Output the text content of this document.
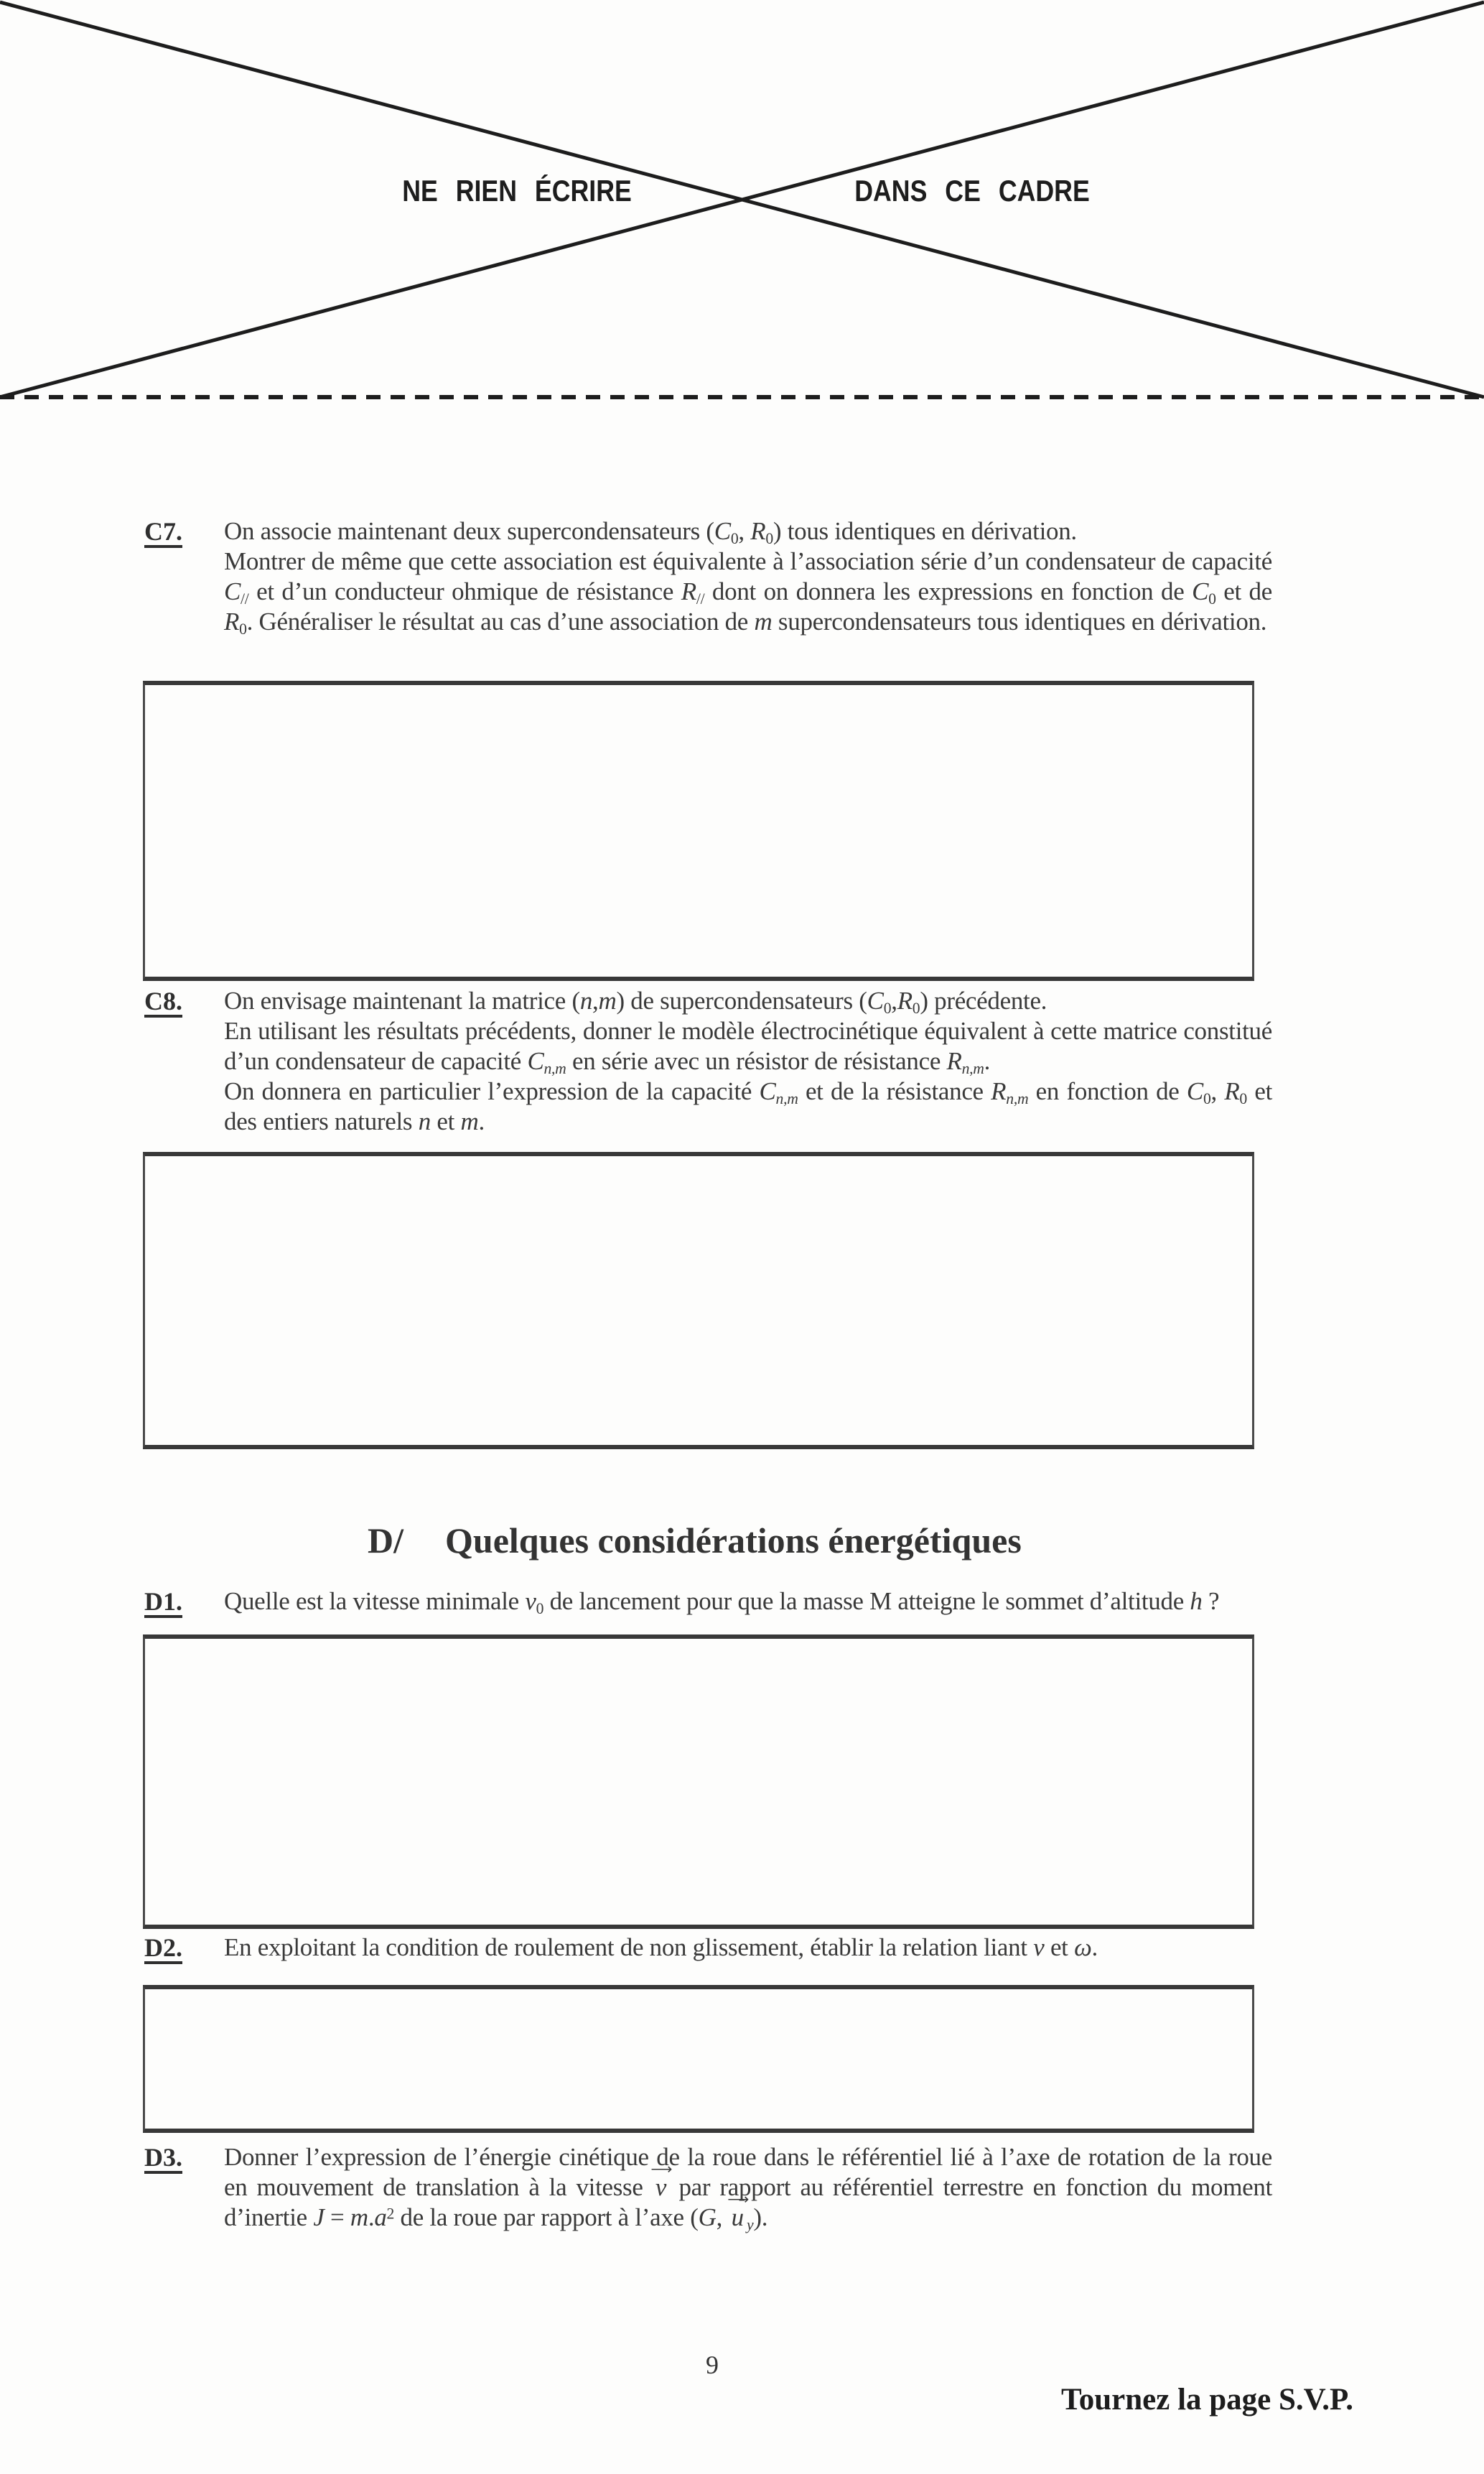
NE RIEN ÉCRIRE	DANS CE CADRE
C7. On associe maintenant deux supercondensateurs ($C_0$, $R_0$) tous identiques en dérivation.
Montrer de même que cette association est équivalente à l’association série d’un condensateur de capacité $C_{//}$ et d’un conducteur ohmique de résistance $R_{//}$ dont on donnera les expressions en fonction de $C_0$ et de $R_0$. Généraliser le résultat au cas d’une association de m supercondensateurs tous identiques en dérivation.
C8. On envisage maintenant la matrice (n,m) de supercondensateurs $(C_0,R_0)$ précédente.
En utilisant les résultats précédents, donner le modèle électrocinétique équivalent à cette matrice constitué d’un condensateur de capacité $C_{n,m}$ en série avec un résistor de résistance $R_{n,m}$.
On donnera en particulier l’expression de la capacité $C_{n,m}$ et de la résistance $R_{n,m}$ en fonction de $C_0$, $R_0$ et des entiers naturels n et m.
D/ Quelques considérations énergétiques
D1. Quelle est la vitesse minimale $v_0$ de lancement pour que la masse M atteigne le sommet d’altitude h ?
D2. En exploitant la condition de roulement de non glissement, établir la relation liant v et ω.
D3. Donner l’expression de l’énergie cinétique de la roue dans le référentiel lié à l’axe de rotation de la roue en mouvement de translation à la vitesse ⟶ v par rapport au référentiel terrestre en fonction du moment d’inertie $J = m.a^2$ de la roue par rapport à l’axe (G, ⟶ u $_y$).
9
Tournez la page S.V.P.
